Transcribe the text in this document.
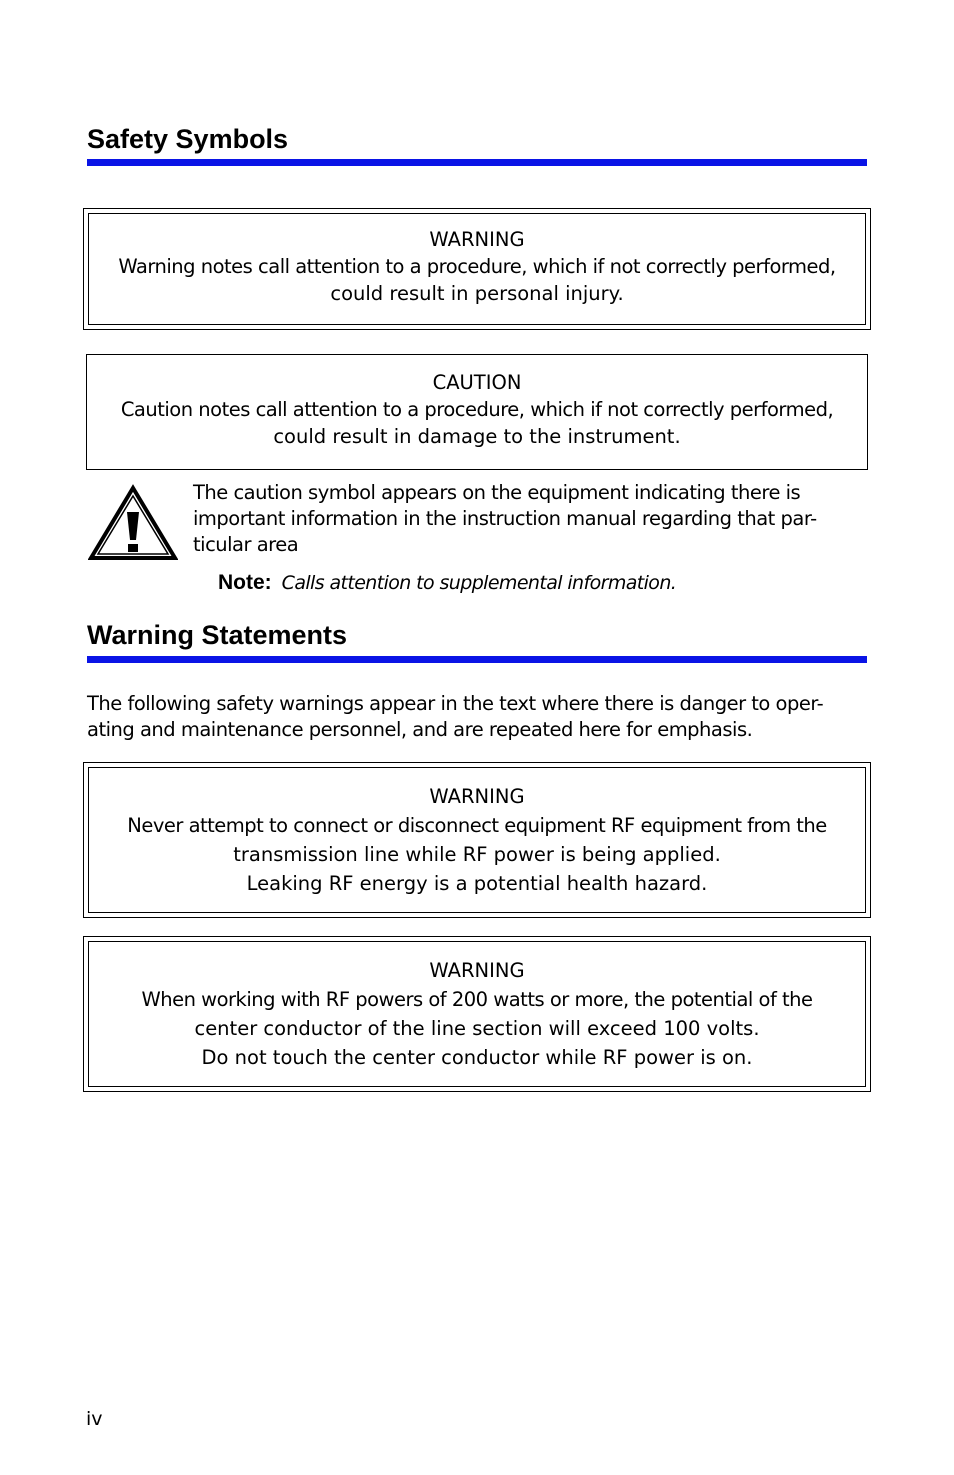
Safety Symbols
WARNING
Warning notes call attention to a procedure, which if not correctly performed,
could result in personal injury.
CAUTION
Caution notes call attention to a procedure, which if not correctly performed,
could result in damage to the instrument.
The caution symbol appears on the equipment indicating there is
important information in the instruction manual regarding that par-
ticular area
Note: Calls attention to supplemental information.
Warning Statements
The following safety warnings appear in the text where there is danger to oper-
ating and maintenance personnel, and are repeated here for emphasis.
WARNING
Never attempt to connect or disconnect equipment RF equipment from the
transmission line while RF power is being applied.
Leaking RF energy is a potential health hazard.
WARNING
When working with RF powers of 200 watts or more, the potential of the
center conductor of the line section will exceed 100 volts.
Do not touch the center conductor while RF power is on.
iv
